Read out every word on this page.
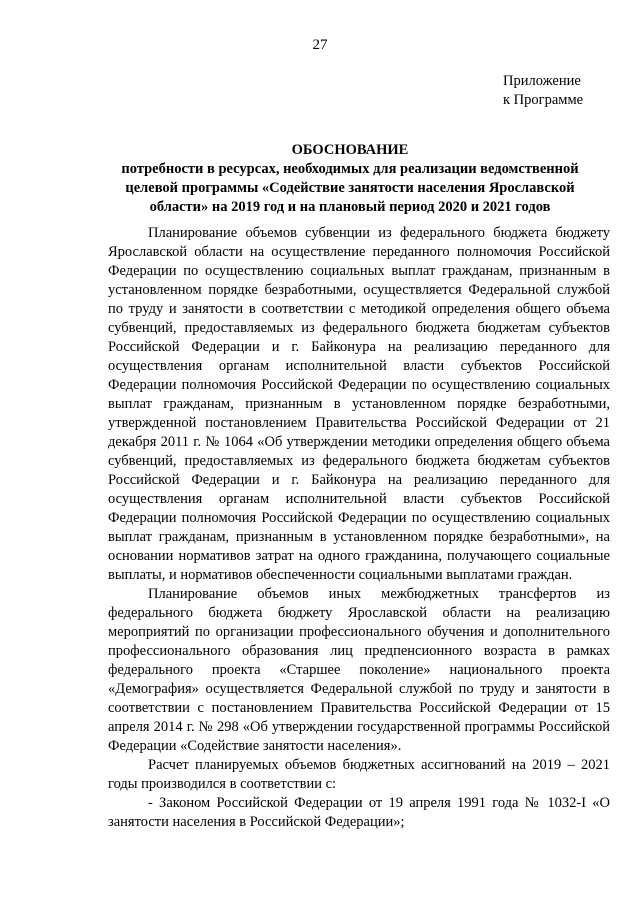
27
Приложение
к Программе
ОБОСНОВАНИЕ
потребности в ресурсах, необходимых для реализации ведомственной целевой программы «Содействие занятости населения Ярославской области» на 2019 год и на плановый период 2020 и 2021 годов

Планирование объемов субвенции из федерального бюджета бюджету Ярославской области на осуществление переданного полномочия Российской Федерации по осуществлению социальных выплат гражданам, признанным в установленном порядке безработными, осуществляется Федеральной службой по труду и занятости в соответствии с методикой определения общего объема субвенций, предоставляемых из федерального бюджета бюджетам субъектов Российской Федерации и г. Байконура на реализацию переданного для осуществления органам исполнительной власти субъектов Российской Федерации полномочия Российской Федерации по осуществлению социальных выплат гражданам, признанным в установленном порядке безработными, утвержденной постановлением Правительства Российской Федерации от 21 декабря 2011 г. № 1064 «Об утверждении методики определения общего объема субвенций, предоставляемых из федерального бюджета бюджетам субъектов Российской Федерации и г. Байконура на реализацию переданного для осуществления органам исполнительной власти субъектов Российской Федерации полномочия Российской Федерации по осуществлению социальных выплат гражданам, признанным в установленном порядке безработными», на основании нормативов затрат на одного гражданина, получающего социальные выплаты, и нормативов обеспеченности социальными выплатами граждан.

Планирование объемов иных межбюджетных трансфертов из федерального бюджета бюджету Ярославской области на реализацию мероприятий по организации профессионального обучения и дополнительного профессионального образования лиц предпенсионного возраста в рамках федерального проекта «Старшее поколение» национального проекта «Демография» осуществляется Федеральной службой по труду и занятости в соответствии с постановлением Правительства Российской Федерации от 15 апреля 2014 г. № 298 «Об утверждении государственной программы Российской Федерации «Содействие занятости населения».

Расчет планируемых объемов бюджетных ассигнований на 2019 – 2021 годы производился в соответствии с:

- Законом Российской Федерации от 19 апреля 1991 года № 1032-I «О занятости населения в Российской Федерации»;
